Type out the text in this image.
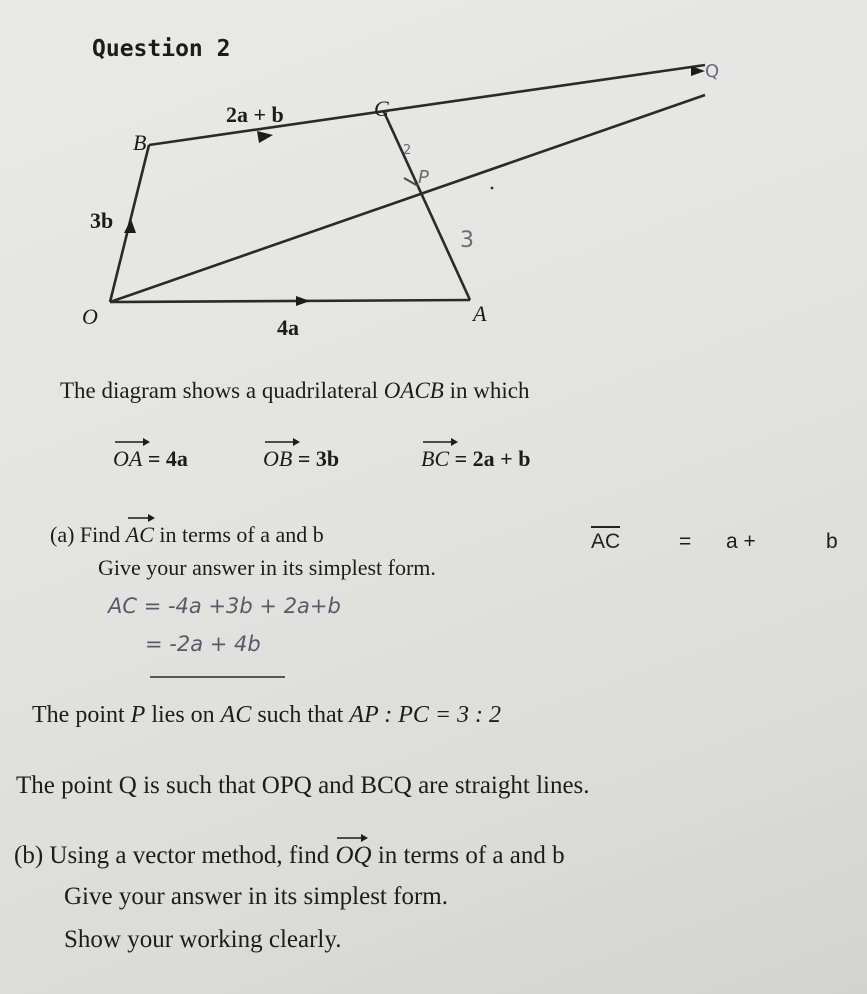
Question 2
O	A
B
C
P
Q
4a
3b
2a + b
2
3
The diagram shows a quadrilateral OACB in which
OA = 4a	OB = 3b	BC = 2a + b
(a) Find AC in terms of a and b
Give your answer in its simplest form.
AC	= a +	b
AC = -4a +3b + 2a+b
= -2a + 4b
The point P lies on AC such that AP : PC = 3 : 2
The point Q is such that OPQ and BCQ are straight lines.
(b) Using a vector method, find OQ in terms of a and b
Give your answer in its simplest form.
Show your working clearly.
